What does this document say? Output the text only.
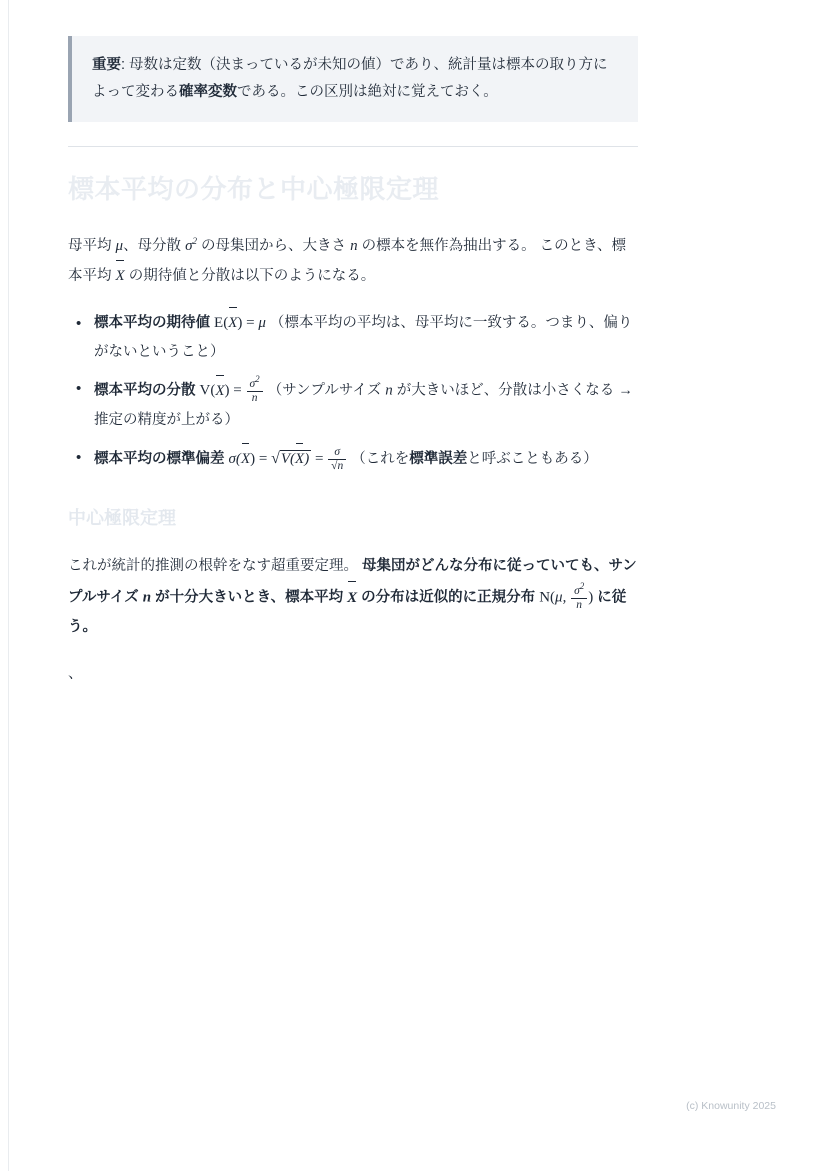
重要: 母数は定数（決まっているが未知の値）であり、統計量は標本の取り方によって変わる確率変数である。この区別は絶対に覚えておく。
標本平均の分布と中心極限定理

母平均 μ、母分散 $\sigma^2$ の母集団から、大きさ n の標本を無作為抽出する。 このとき、標本平均 X の期待値と分散は以下のようになる。

• 標本平均の期待値 E(X) = μ （標本平均の平均は、母平均に一致する。つまり、偏りがないということ）
• 標本平均の分散 $V(X) = \frac{\sigma^2}{n}$ （サンプルサイズ n が大きいほど、分散は小さくなる → 推定の精度が上がる）
• 標本平均の標準偏差 $\sigma(X) = √V(X) = \frac{\sigma}{√n}$ （これを標準誤差と呼ぶこともある）
中心極限定理

これが統計的推測の根幹をなす超重要定理。 母集団がどんな分布に従っていても、サンプルサイズ n が十分大きいとき、標本平均 X の分布は近似的に正規分布 N(μ, $\frac{\sigma^2}{n}$ ) に従う。

、

(c) Knowunity 2025
